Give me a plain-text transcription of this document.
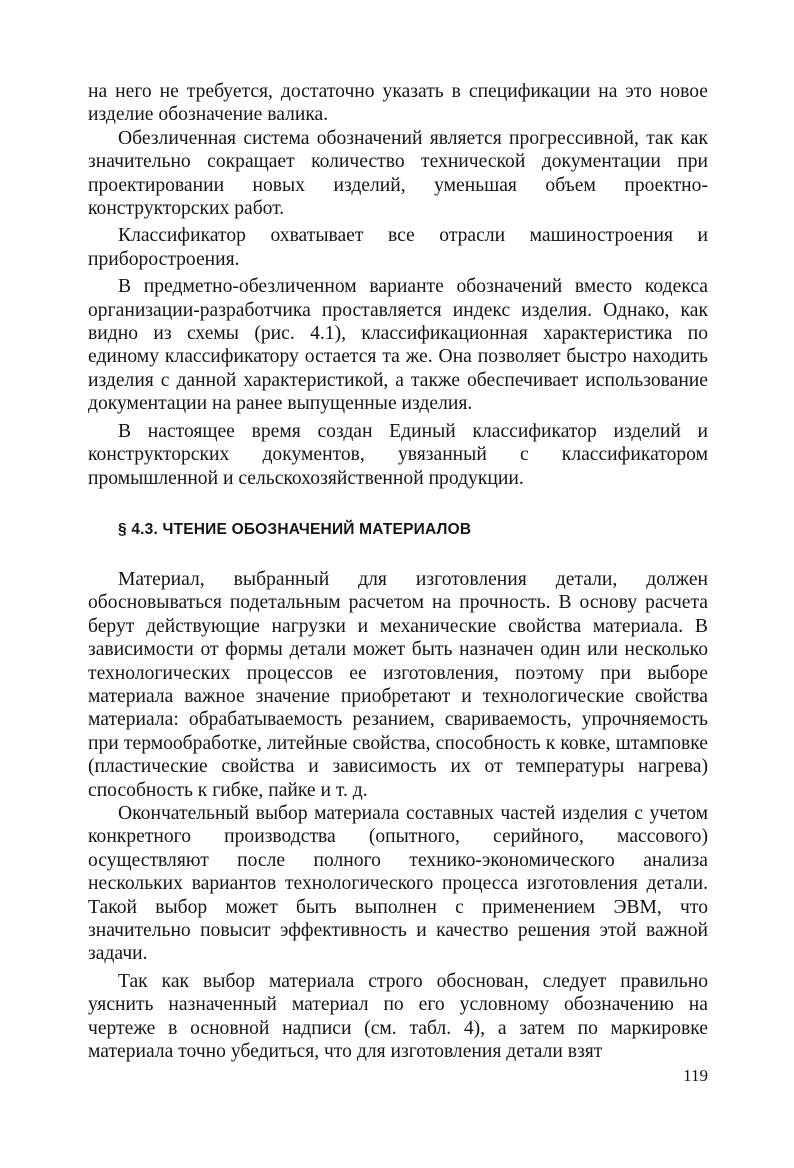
на него не требуется, достаточно указать в спецификации на это новое изделие обозначение валика.

Обезличенная система обозначений является прогрессивной, так как значительно сокращает количество технической документации при проектировании новых изделий, уменьшая объем проектно-конструкторских работ.

Классификатор охватывает все отрасли машиностроения и приборостроения.

В предметно-обезличенном варианте обозначений вместо кодекса организации-разработчика проставляется индекс изделия. Однако, как видно из схемы (рис. 4.1), классификационная характеристика по единому классификатору остается та же. Она позволяет быстро находить изделия с данной характеристикой, а также обеспечивает использование документации на ранее выпущенные изделия.

В настоящее время создан Единый классификатор изделий и конструкторских документов, увязанный с классификатором промышленной и сельскохозяйственной продукции.

§ 4.3. ЧТЕНИЕ ОБОЗНАЧЕНИЙ МАТЕРИАЛОВ

Материал, выбранный для изготовления детали, должен обосновываться подетальным расчетом на прочность. В основу расчета берут действующие нагрузки и механические свойства материала. В зависимости от формы детали может быть назначен один или несколько технологических процессов ее изготовления, поэтому при выборе материала важное значение приобретают и технологические свойства материала: обрабатываемость резанием, свариваемость, упрочняемость при термообработке, литейные свойства, способность к ковке, штамповке (пластические свойства и зависимость их от температуры нагрева) способность к гибке, пайке и т. д.

Окончательный выбор материала составных частей изделия с учетом конкретного производства (опытного, серийного, массового) осуществляют после полного технико-экономического анализа нескольких вариантов технологического процесса изготовления детали. Такой выбор может быть выполнен с применением ЭВМ, что значительно повысит эффективность и качество решения этой важной задачи.

Так как выбор материала строго обоснован, следует правильно уяснить назначенный материал по его условному обозначению на чертеже в основной надписи (см. табл. 4), а затем по маркировке материала точно убедиться, что для изготовления детали взят

119
